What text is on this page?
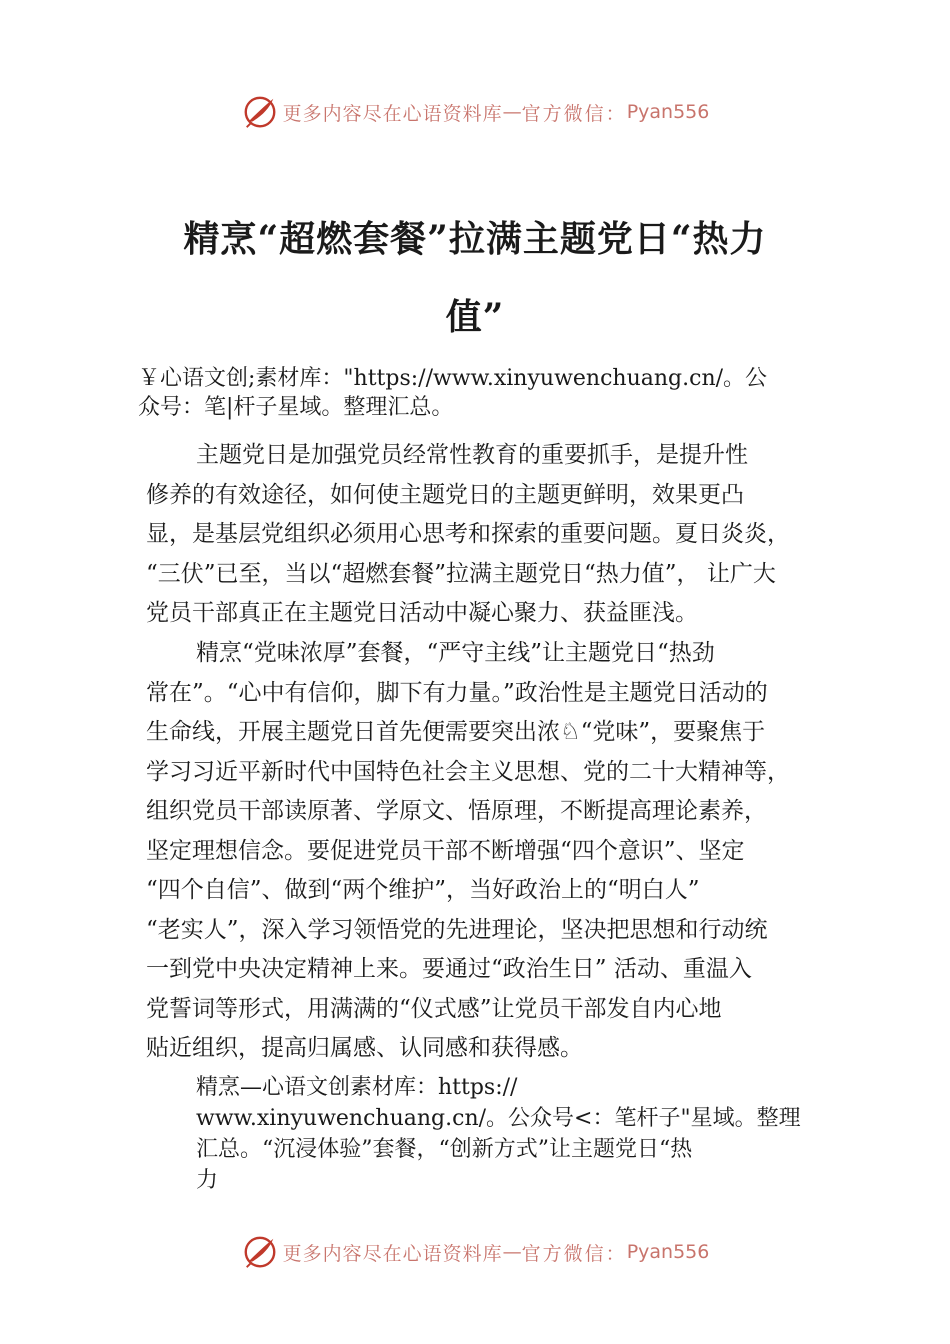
更多内容尽在心语资料库 — 官方微信： Pyan556
精烹“超燃套餐”拉满主题党日“热力
值”

￥心语文创;素材库："https://www.xinyuwenchuang.cn/。公
众号：笔|杆子星域。整理汇总。

主题党日是加强党员经常性教育的重要抓手，是提升性
修养的有效途径，如何使主题党日的主题更鲜明，效果更凸
显，是基层党组织必须用心思考和探索的重要问题。夏日炎炎，
“三伏”已至，当以“超燃套餐”拉满主题党日“热力值”， 让广大
党员干部真正在主题党日活动中凝心聚力、获益匪浅。

精烹“党味浓厚”套餐，“严守主线”让主题党日“热劲
常在”。“心中有信仰，脚下有力量。”政治性是主题党日活动的
生命线，开展主题党日首先便需要突出浓♘“党味”，要聚焦于
学习习近平新时代中国特色社会主义思想、党的二十大精神等，
组织党员干部读原著、学原文、悟原理，不断提高理论素养，
坚定理想信念。要促进党员干部不断增强“四个意识”、坚定
“四个自信”、做到“两个维护”，当好政治上的“明白人”
“老实人”，深入学习领悟党的先进理论，坚决把思想和行动统
一到党中央决定精神上来。要通过“政治生日” 活动、重温入
党誓词等形式，用满满的“仪式感”让党员干部发自内心地
贴近组织，提高归属感、认同感和获得感。

精烹—心语文创素材库：https://
www.xinyuwenchuang.cn/。公众号<：笔杆子"星域。整理
汇总。“沉浸体验”套餐，“创新方式”让主题党日“热
力

更多内容尽在心语资料库 — 官方微信： Pyan556
